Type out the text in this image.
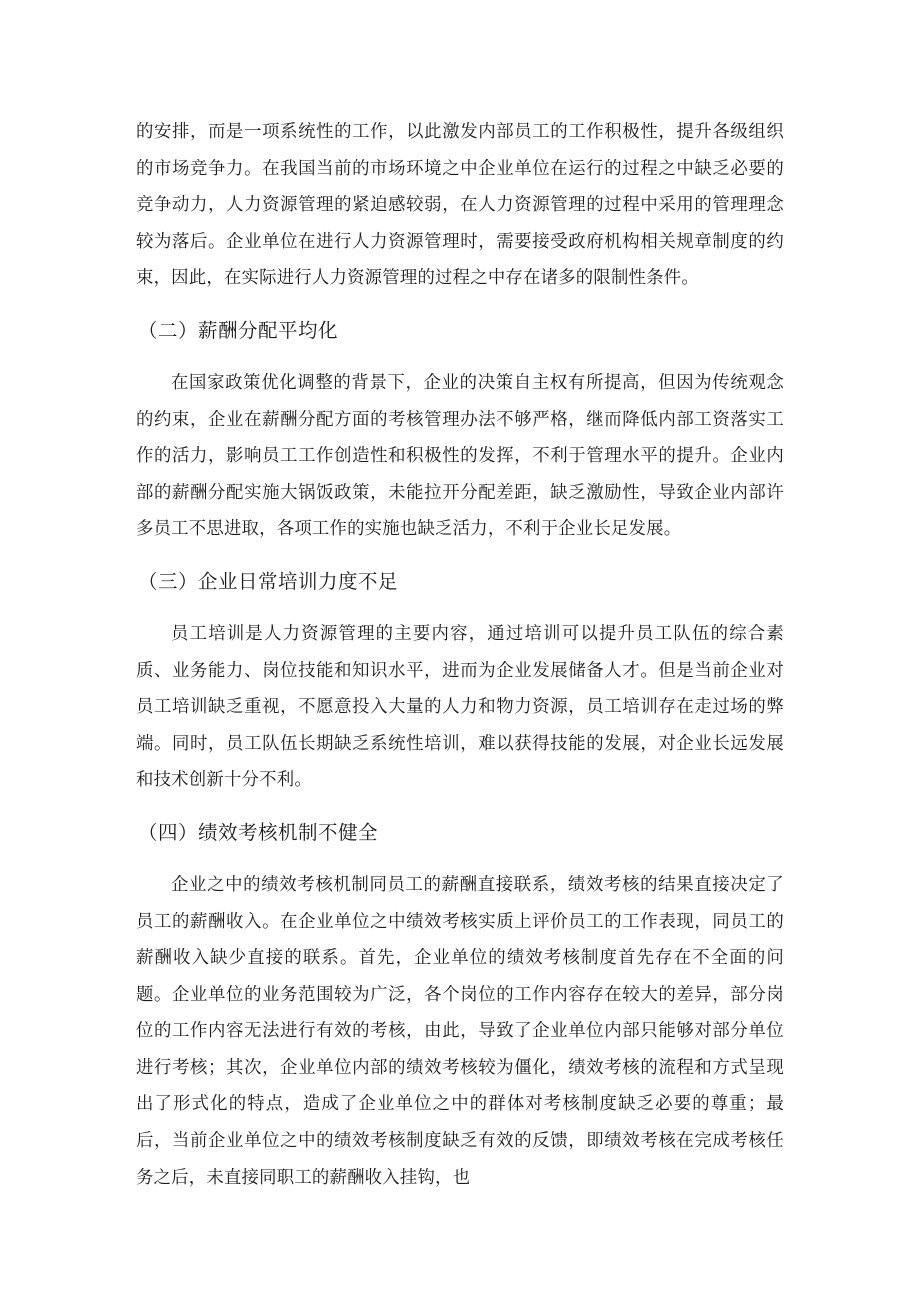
的安排，而是一项系统性的工作，以此激发内部员工的工作积极性，提升各级组织的市场竞争力。在我国当前的市场环境之中企业单位在运行的过程之中缺乏必要的竞争动力，人力资源管理的紧迫感较弱，在人力资源管理的过程中采用的管理理念较为落后。企业单位在进行人力资源管理时，需要接受政府机构相关规章制度的约束，因此，在实际进行人力资源管理的过程之中存在诸多的限制性条件。

（二）薪酬分配平均化

在国家政策优化调整的背景下，企业的决策自主权有所提高，但因为传统观念的约束，企业在薪酬分配方面的考核管理办法不够严格，继而降低内部工资落实工作的活力，影响员工工作创造性和积极性的发挥，不利于管理水平的提升。企业内部的薪酬分配实施大锅饭政策，未能拉开分配差距，缺乏激励性，导致企业内部许多员工不思进取，各项工作的实施也缺乏活力，不利于企业长足发展。

（三）企业日常培训力度不足

员工培训是人力资源管理的主要内容，通过培训可以提升员工队伍的综合素质、业务能力、岗位技能和知识水平，进而为企业发展储备人才。但是当前企业对员工培训缺乏重视，不愿意投入大量的人力和物力资源，员工培训存在走过场的弊端。同时，员工队伍长期缺乏系统性培训，难以获得技能的发展，对企业长远发展和技术创新十分不利。

（四）绩效考核机制不健全

企业之中的绩效考核机制同员工的薪酬直接联系，绩效考核的结果直接决定了员工的薪酬收入。在企业单位之中绩效考核实质上评价员工的工作表现，同员工的薪酬收入缺少直接的联系。首先，企业单位的绩效考核制度首先存在不全面的问题。企业单位的业务范围较为广泛，各个岗位的工作内容存在较大的差异，部分岗位的工作内容无法进行有效的考核，由此，导致了企业单位内部只能够对部分单位进行考核；其次，企业单位内部的绩效考核较为僵化，绩效考核的流程和方式呈现出了形式化的特点，造成了企业单位之中的群体对考核制度缺乏必要的尊重；最后，当前企业单位之中的绩效考核制度缺乏有效的反馈，即绩效考核在完成考核任务之后，未直接同职工的薪酬收入挂钩，也
